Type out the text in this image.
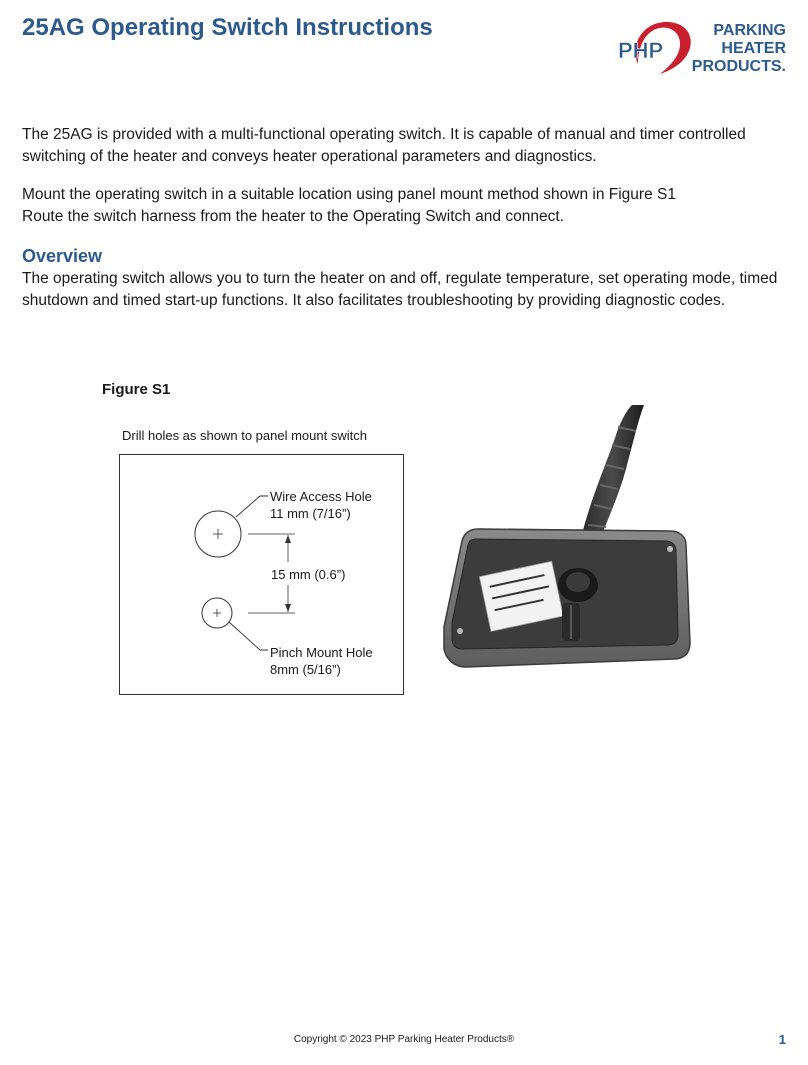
25AG Operating Switch Instructions
PHP
PARKING
HEATER
PRODUCTS.

The 25AG is provided with a multi-functional operating switch. It is capable of manual and timer controlled switching of the heater and conveys heater operational parameters and diagnostics.

Mount the operating switch in a suitable location using panel mount method shown in Figure S1
Route the switch harness from the heater to the Operating Switch and connect.
Overview

The operating switch allows you to turn the heater on and off, regulate temperature, set operating mode, timed shutdown and timed start-up functions. It also facilitates troubleshooting by providing diagnostic codes.

Figure S1
Drill holes as shown to panel mount switch
Wire Access Hole
11 mm (7/16”)
15 mm (0.6”)
Pinch Mount Hole
8mm (5/16”)
Copyright © 2023 PHP Parking Heater Products®	1
